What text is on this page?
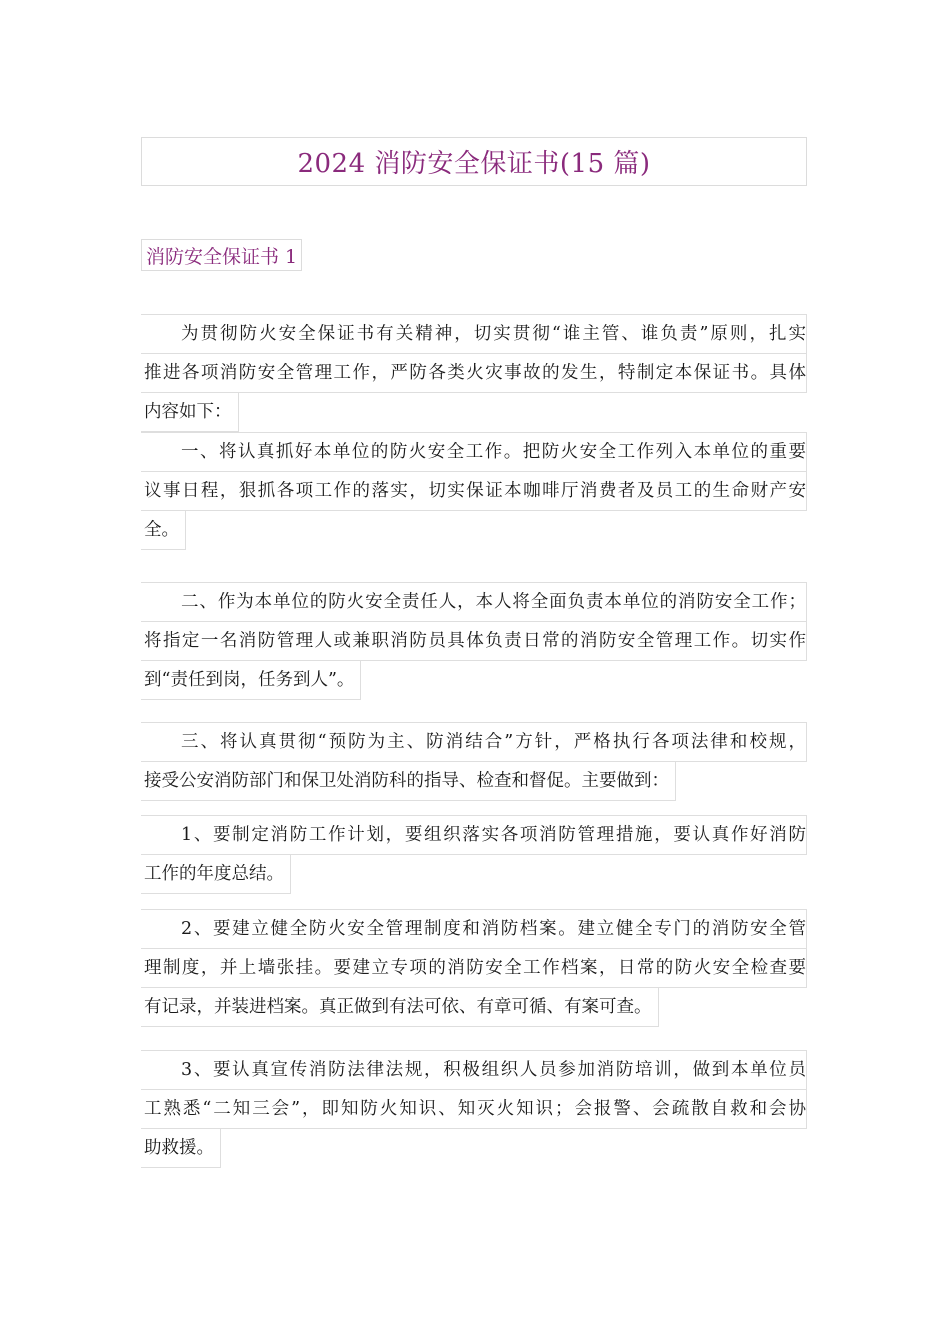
2024 消防安全保证书(15 篇)
消防安全保证书 1
为贯彻防火安全保证书有关精神，切实贯彻“谁主管、谁负责”原则，扎实
推进各项消防安全管理工作，严防各类火灾事故的发生，特制定本保证书。具体
内容如下：
一、将认真抓好本单位的防火安全工作。把防火安全工作列入本单位的重要
议事日程，狠抓各项工作的落实，切实保证本咖啡厅消费者及员工的生命财产安
全。
二、作为本单位的防火安全责任人，本人将全面负责本单位的消防安全工作；
将指定一名消防管理人或兼职消防员具体负责日常的消防安全管理工作。切实作
到“责任到岗，任务到人”。
三、将认真贯彻“预防为主、防消结合”方针，严格执行各项法律和校规，
接受公安消防部门和保卫处消防科的指导、检查和督促。主要做到：
1、要制定消防工作计划，要组织落实各项消防管理措施，要认真作好消防
工作的年度总结。
2、要建立健全防火安全管理制度和消防档案。建立健全专门的消防安全管
理制度，并上墙张挂。要建立专项的消防安全工作档案，日常的防火安全检查要
有记录，并装进档案。真正做到有法可依、有章可循、有案可查。
3、要认真宣传消防法律法规，积极组织人员参加消防培训，做到本单位员
工熟悉“二知三会”，即知防火知识、知灭火知识；会报警、会疏散自救和会协
助救援。
